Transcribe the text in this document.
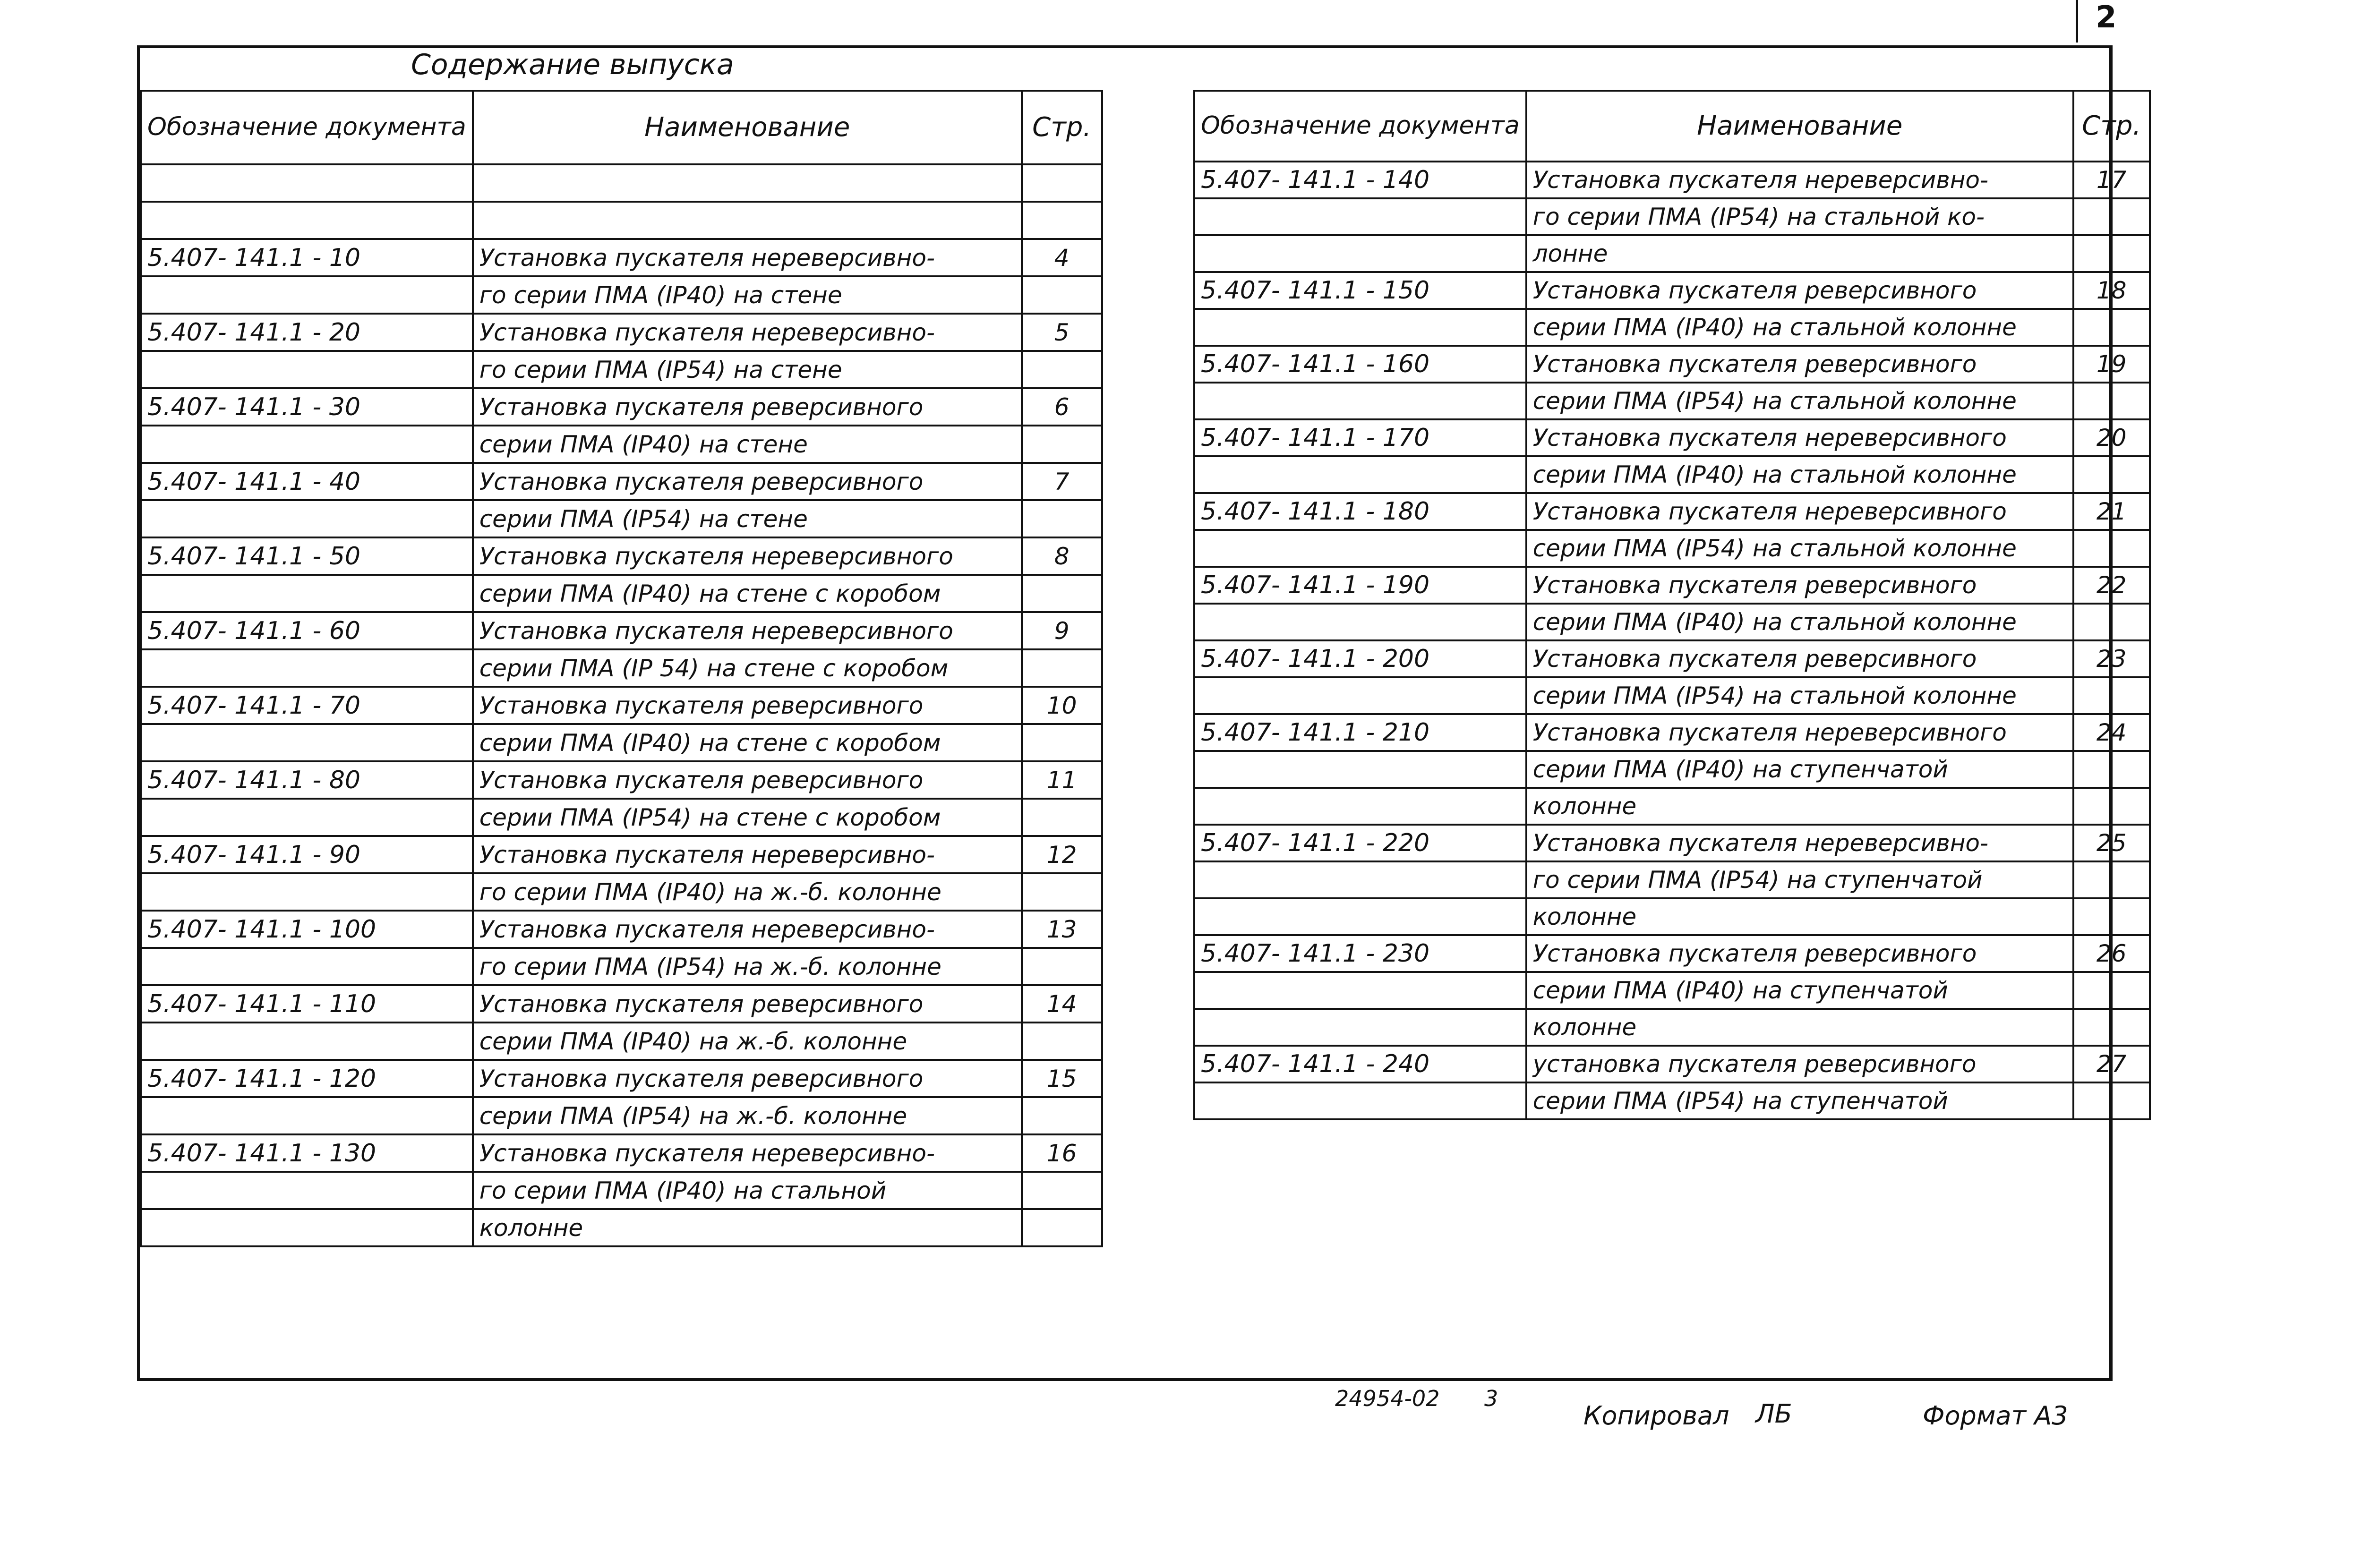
2
Содержание выпуска
Обозначение документа	Наименование	Стр.

5.407- 141.1 - 10	Установка пускателя нереверсивно-	4
	го серии ПМА (IP40) на стене	
5.407- 141.1 - 20	Установка пускателя нереверсивно-	5
	го серии ПМА (IP54) на стене	
5.407- 141.1 - 30	Установка пускателя реверсивного	6
	серии ПМА (IP40) на стене	
5.407- 141.1 - 40	Установка пускателя реверсивного	7
	серии ПМА (IP54) на стене	
5.407- 141.1 - 50	Установка пускателя нереверсивного	8
	серии ПМА (IP40) на стене с коробом	
5.407- 141.1 - 60	Установка пускателя нереверсивного	9
	серии ПМА (IP 54) на стене с коробом	
5.407- 141.1 - 70	Установка пускателя реверсивного	10
	серии ПМА (IP40) на стене с коробом	
5.407- 141.1 - 80	Установка пускателя реверсивного	11
	серии ПМА (IP54) на стене с коробом	
5.407- 141.1 - 90	Установка пускателя нереверсивно-	12
	го серии ПМА (IP40) на ж.-б. колонне	
5.407- 141.1 - 100	Установка пускателя нереверсивно-	13
	го серии ПМА (IP54) на ж.-б. колонне	
5.407- 141.1 - 110	Установка пускателя реверсивного	14
	серии ПМА (IP40) на ж.-б. колонне	
5.407- 141.1 - 120	Установка пускателя реверсивного	15
	серии ПМА (IP54) на ж.-б. колонне	
5.407- 141.1 - 130	Установка пускателя нереверсивно-	16
	го серии ПМА (IP40) на стальной	
	колонне	
Обозначение документа	Наименование	Стр.
5.407- 141.1 - 140	Установка пускателя нереверсивно-	17
	го серии ПМА (IP54) на стальной ко-	
	лонне	
5.407- 141.1 - 150	Установка пускателя реверсивного	18
	серии ПМА (IP40) на стальной колонне	
5.407- 141.1 - 160	Установка пускателя реверсивного	19
	серии ПМА (IP54) на стальной колонне	
5.407- 141.1 - 170	Установка пускателя нереверсивного	20
	серии ПМА (IP40) на стальной колонне	
5.407- 141.1 - 180	Установка пускателя нереверсивного	21
	серии ПМА (IP54) на стальной колонне	
5.407- 141.1 - 190	Установка пускателя реверсивного	22
	серии ПМА (IP40) на стальной колонне	
5.407- 141.1 - 200	Установка пускателя реверсивного	23
	серии ПМА (IP54) на стальной колонне	
5.407- 141.1 - 210	Установка пускателя нереверсивного	24
	серии ПМА (IP40) на ступенчатой	
	колонне	
5.407- 141.1 - 220	Установка пускателя нереверсивно-	25
	го серии ПМА (IP54) на ступенчатой	
	колонне	
5.407- 141.1 - 230	Установка пускателя реверсивного	26
	серии ПМА (IP40) на ступенчатой	
	колонне	
5.407- 141.1 - 240	установка пускателя реверсивного	27
	серии ПМА (IP54) на ступенчатой	
24954-02 3
Копировал ЛБ	Формат А3
